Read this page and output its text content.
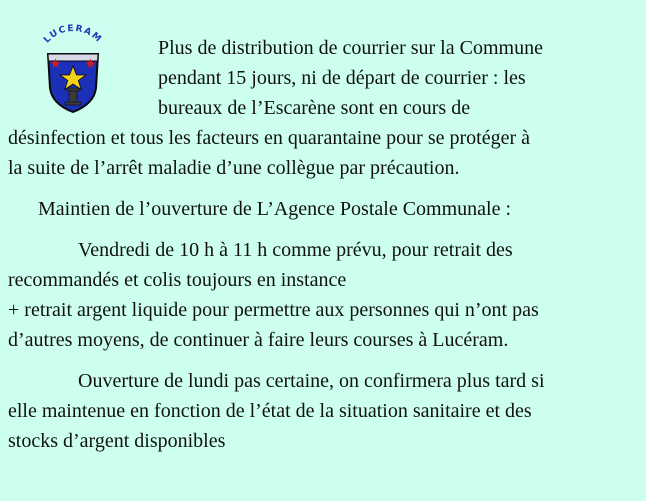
LUCERAM	Plus de distribution de courrier sur la Commune
pendant 15 jours, ni de départ de courrier : les
bureaux de l’Escarène sont en cours de
désinfection et tous les facteurs en quarantaine pour se protéger à
la suite de l’arrêt maladie d’une collègue par précaution.
Maintien de l’ouverture de L’Agence Postale Communale :
Vendredi de 10 h à 11 h comme prévu, pour retrait des
recommandés et colis toujours en instance
+ retrait argent liquide pour permettre aux personnes qui n’ont pas
d’autres moyens, de continuer à faire leurs courses à Lucéram.
Ouverture de lundi pas certaine, on confirmera plus tard si
elle maintenue en fonction de l’état de la situation sanitaire et des
stocks d’argent disponibles
